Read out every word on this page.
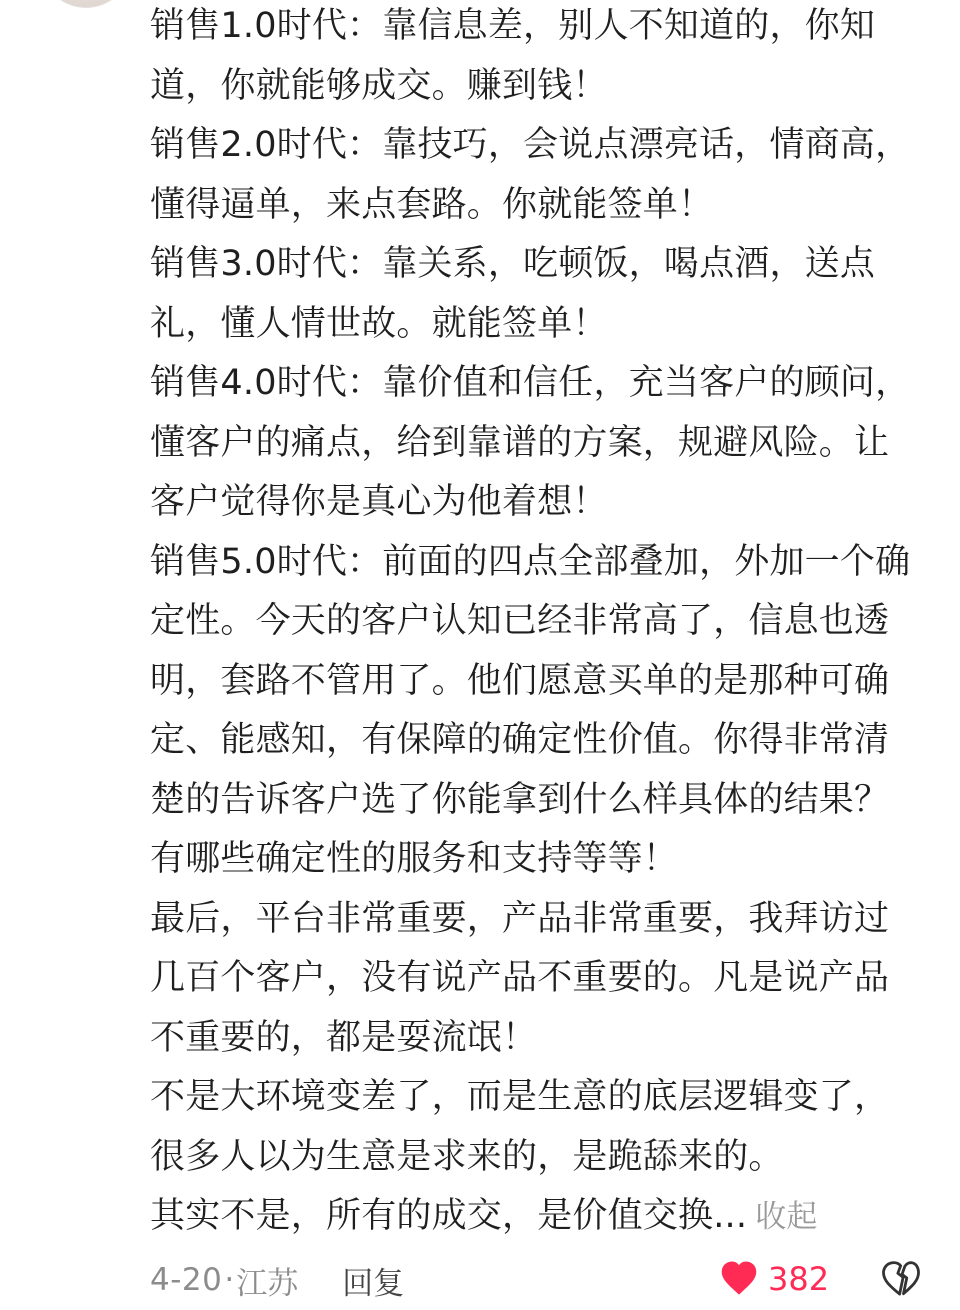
销售1.0时代：靠信息差，别人不知道的，你知道，你就能够成交。赚到钱！

销售2.0时代：靠技巧，会说点漂亮话，情商高，懂得逼单，来点套路。你就能签单！

销售3.0时代：靠关系，吃顿饭，喝点酒，送点礼，懂人情世故。就能签单！

销售4.0时代：靠价值和信任，充当客户的顾问，懂客户的痛点，给到靠谱的方案，规避风险。让客户觉得你是真心为他着想！

销售5.0时代：前面的四点全部叠加，外加一个确定性。今天的客户认知已经非常高了，信息也透明，套路不管用了。他们愿意买单的是那种可确定、能感知，有保障的确定性价值。你得非常清楚的告诉客户选了你能拿到什么样具体的结果？有哪些确定性的服务和支持等等！

最后，平台非常重要，产品非常重要，我拜访过几百个客户，没有说产品不重要的。凡是说产品不重要的，都是耍流氓！

不是大环境变差了，而是生意的底层逻辑变了，很多人以为生意是求来的，是跪舔来的。

其实不是，所有的成交，是价值交换... 收起

4-20 · 江苏 回复	382
